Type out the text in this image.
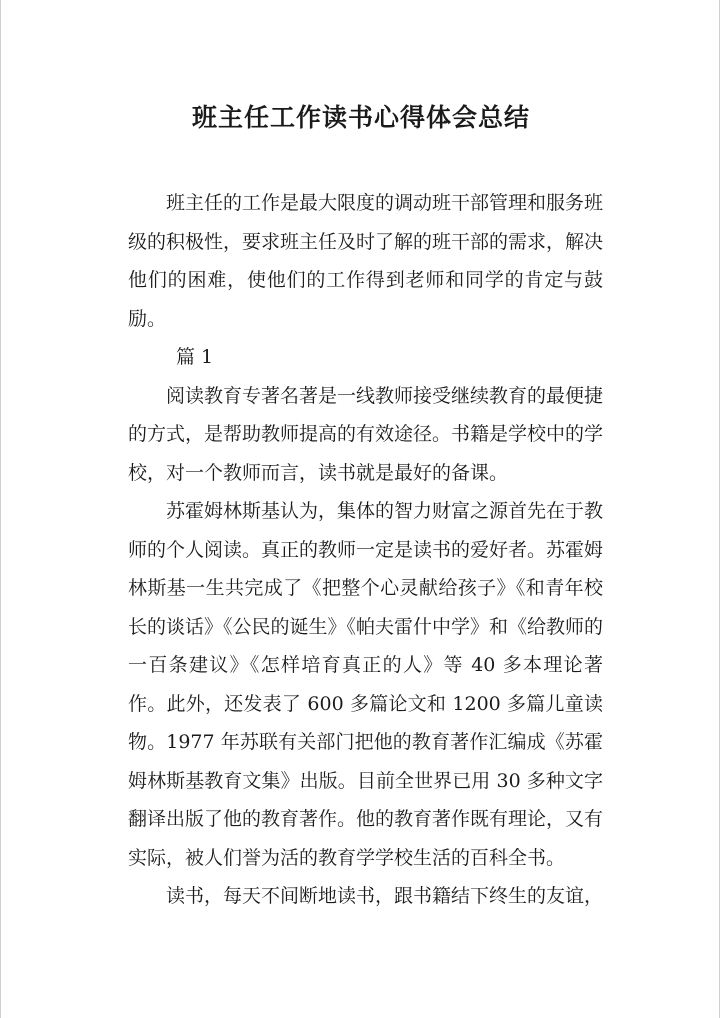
班主任工作读书心得体会总结

班主任的工作是最大限度的调动班干部管理和服务班级的积极性，要求班主任及时了解的班干部的需求，解决他们的困难，使他们的工作得到老师和同学的肯定与鼓励。

篇 1

阅读教育专著名著是一线教师接受继续教育的最便捷的方式，是帮助教师提高的有效途径。书籍是学校中的学校，对一个教师而言，读书就是最好的备课。

苏霍姆林斯基认为，集体的智力财富之源首先在于教师的个人阅读。真正的教师一定是读书的爱好者。苏霍姆林斯基一生共完成了《把整个心灵献给孩子》《和青年校长的谈话》《公民的诞生》《帕夫雷什中学》和《给教师的一百条建议》《怎样培育真正的人》等 40 多本理论著作。此外，还发表了 600 多篇论文和 1200 多篇儿童读物。1977 年苏联有关部门把他的教育著作汇编成《苏霍姆林斯基教育文集》出版。目前全世界已用 30 多种文字翻译出版了他的教育著作。他的教育著作既有理论，又有实际，被人们誉为活的教育学学校生活的百科全书。

读书，每天不间断地读书，跟书籍结下终生的友谊，
